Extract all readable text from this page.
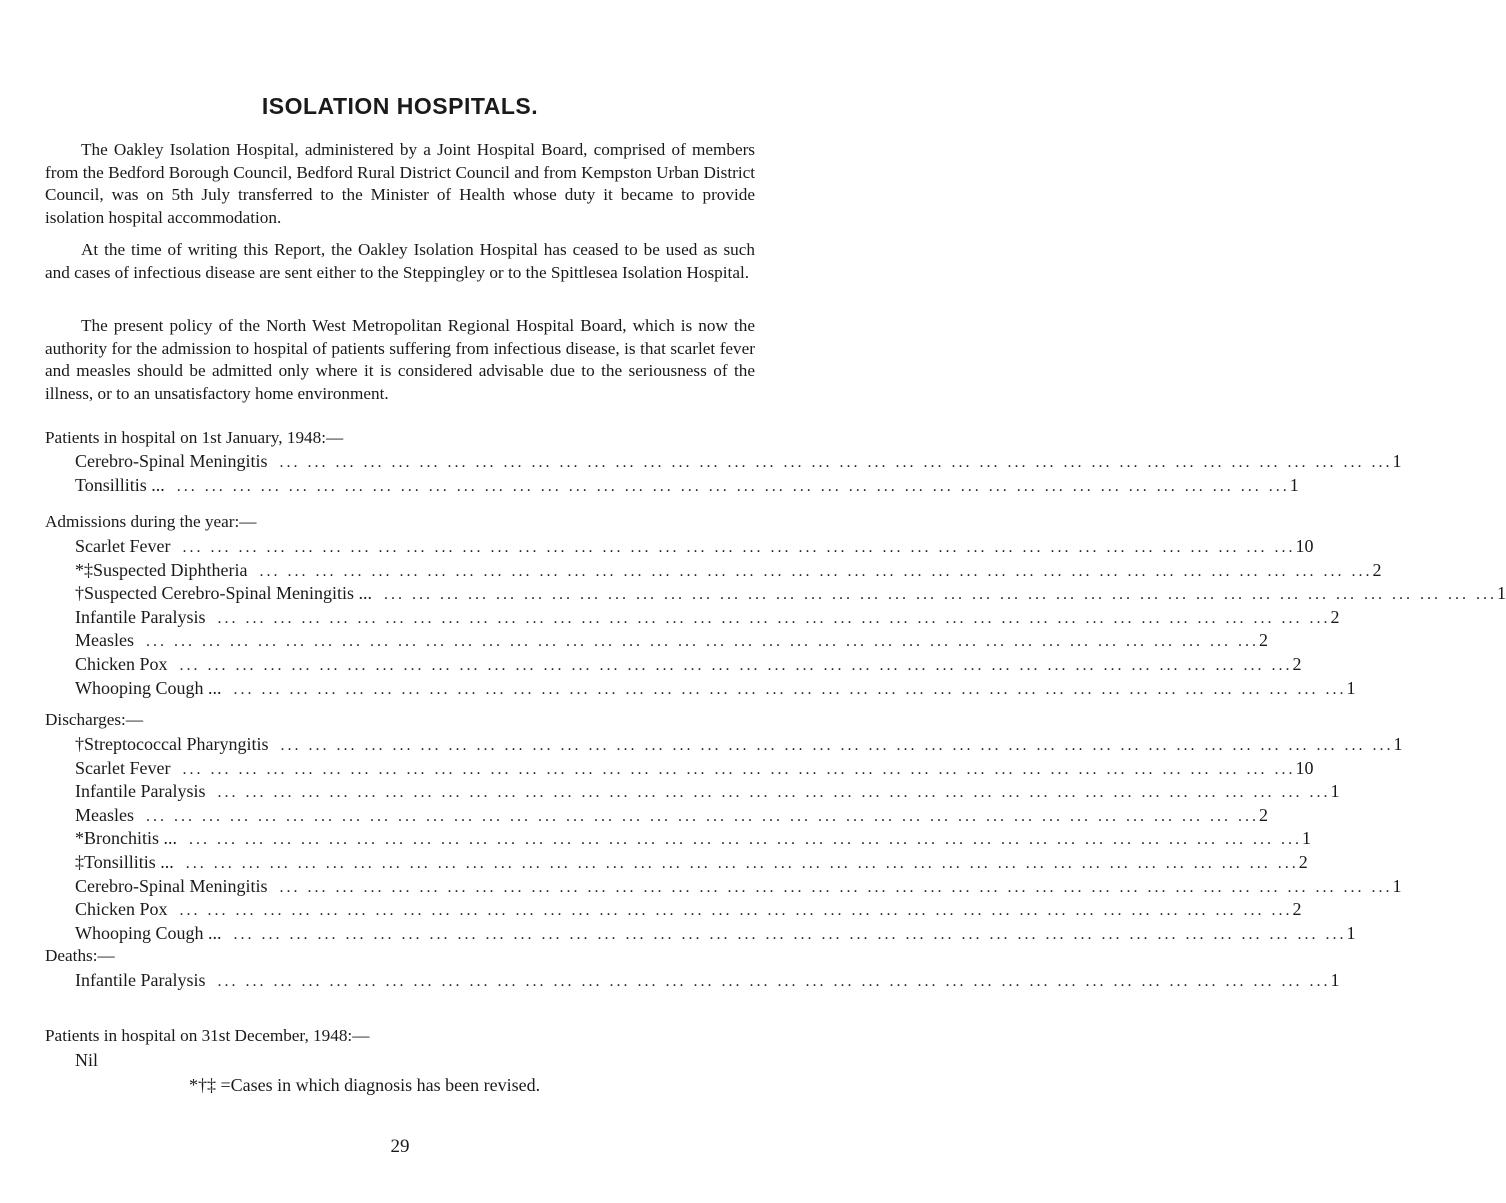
ISOLATION HOSPITALS.

The Oakley Isolation Hospital, administered by a Joint Hospital Board, comprised of members from the Bedford Borough Council, Bedford Rural District Council and from Kempston Urban District Council, was on 5th July transferred to the Minister of Health whose duty it became to provide isolation hospital accommodation.

At the time of writing this Report, the Oakley Isolation Hospital has ceased to be used as such and cases of infectious disease are sent either to the Steppingley or to the Spittlesea Isolation Hospital.

The present policy of the North West Metropolitan Regional Hospital Board, which is now the authority for the admission to hospital of patients suffering from infectious disease, is that scarlet fever and measles should be admitted only where it is considered advisable due to the seriousness of the illness, or to an unsatisfactory home environment.

Patients in hospital on 1st January, 1948:—

Cerebro-Spinal Meningitis ... ... ... ... ... ... ... ... ... ... ... ... ... ... ... ... ... ... ... ... ... ... ... ... ... ... ... ... ... ... ... ... ... ... ... ... ... ... ... ... 1
Tonsillitis ... ... ... ... ... ... ... ... ... ... ... ... ... ... ... ... ... ... ... ... ... ... ... ... ... ... ... ... ... ... ... ... ... ... ... ... ... ... ... ... ... 1

Admissions during the year:—

Scarlet Fever ... ... ... ... ... ... ... ... ... ... ... ... ... ... ... ... ... ... ... ... ... ... ... ... ... ... ... ... ... ... ... ... ... ... ... ... ... ... ... ... 10
*‡Suspected Diphtheria ... ... ... ... ... ... ... ... ... ... ... ... ... ... ... ... ... ... ... ... ... ... ... ... ... ... ... ... ... ... ... ... ... ... ... ... ... ... ... ... 2
†Suspected Cerebro-Spinal Meningitis ... ... ... ... ... ... ... ... ... ... ... ... ... ... ... ... ... ... ... ... ... ... ... ... ... ... ... ... ... ... ... ... ... ... ... ... ... ... ... ... ... 1
Infantile Paralysis ... ... ... ... ... ... ... ... ... ... ... ... ... ... ... ... ... ... ... ... ... ... ... ... ... ... ... ... ... ... ... ... ... ... ... ... ... ... ... ... 2
Measles ... ... ... ... ... ... ... ... ... ... ... ... ... ... ... ... ... ... ... ... ... ... ... ... ... ... ... ... ... ... ... ... ... ... ... ... ... ... ... ... 2
Chicken Pox ... ... ... ... ... ... ... ... ... ... ... ... ... ... ... ... ... ... ... ... ... ... ... ... ... ... ... ... ... ... ... ... ... ... ... ... ... ... ... ... 2
Whooping Cough ... ... ... ... ... ... ... ... ... ... ... ... ... ... ... ... ... ... ... ... ... ... ... ... ... ... ... ... ... ... ... ... ... ... ... ... ... ... ... ... ... 1

Discharges:—

†Streptococcal Pharyngitis ... ... ... ... ... ... ... ... ... ... ... ... ... ... ... ... ... ... ... ... ... ... ... ... ... ... ... ... ... ... ... ... ... ... ... ... ... ... ... ... 1
Scarlet Fever ... ... ... ... ... ... ... ... ... ... ... ... ... ... ... ... ... ... ... ... ... ... ... ... ... ... ... ... ... ... ... ... ... ... ... ... ... ... ... ... 10
Infantile Paralysis ... ... ... ... ... ... ... ... ... ... ... ... ... ... ... ... ... ... ... ... ... ... ... ... ... ... ... ... ... ... ... ... ... ... ... ... ... ... ... ... 1
Measles ... ... ... ... ... ... ... ... ... ... ... ... ... ... ... ... ... ... ... ... ... ... ... ... ... ... ... ... ... ... ... ... ... ... ... ... ... ... ... ... 2
*Bronchitis ... ... ... ... ... ... ... ... ... ... ... ... ... ... ... ... ... ... ... ... ... ... ... ... ... ... ... ... ... ... ... ... ... ... ... ... ... ... ... ... ... 1
‡Tonsillitis ... ... ... ... ... ... ... ... ... ... ... ... ... ... ... ... ... ... ... ... ... ... ... ... ... ... ... ... ... ... ... ... ... ... ... ... ... ... ... ... ... 2
Cerebro-Spinal Meningitis ... ... ... ... ... ... ... ... ... ... ... ... ... ... ... ... ... ... ... ... ... ... ... ... ... ... ... ... ... ... ... ... ... ... ... ... ... ... ... ... 1
Chicken Pox ... ... ... ... ... ... ... ... ... ... ... ... ... ... ... ... ... ... ... ... ... ... ... ... ... ... ... ... ... ... ... ... ... ... ... ... ... ... ... ... 2
Whooping Cough ... ... ... ... ... ... ... ... ... ... ... ... ... ... ... ... ... ... ... ... ... ... ... ... ... ... ... ... ... ... ... ... ... ... ... ... ... ... ... ... ... 1

Deaths:—

Infantile Paralysis ... ... ... ... ... ... ... ... ... ... ... ... ... ... ... ... ... ... ... ... ... ... ... ... ... ... ... ... ... ... ... ... ... ... ... ... ... ... ... ... 1

Patients in hospital on 31st December, 1948:—

Nil

*†‡ =Cases in which diagnosis has been revised.

29
